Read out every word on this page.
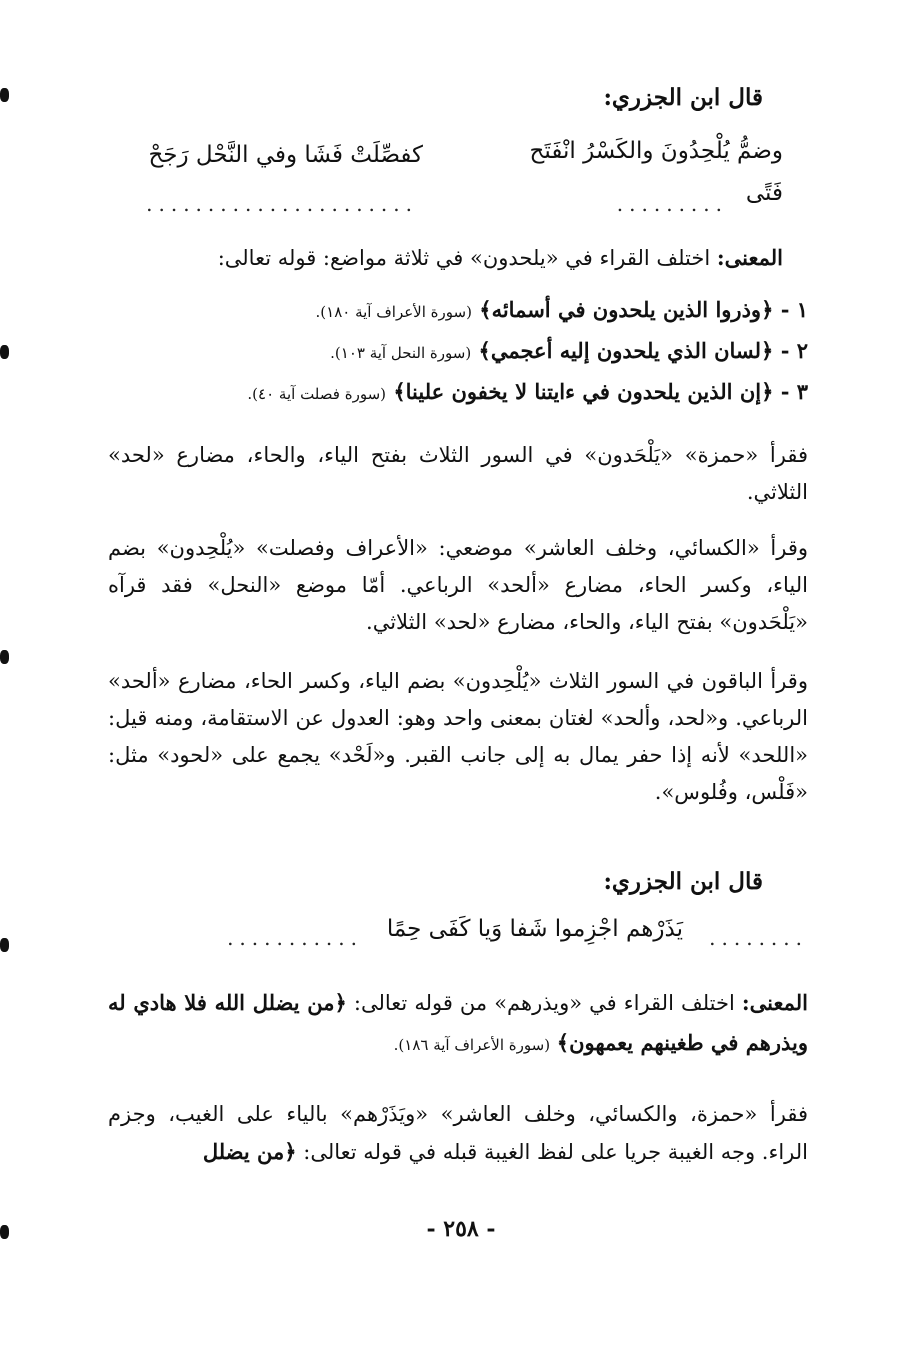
قال ابن الجزري:
وضمُّ يُلْحِدُونَ والكَسْرُ انْفَتَح
كفصِّلَتْ فَشَا وفي النَّحْل رَجَحْ
فَتًى
......................	.........
المعنى: اختلف القراء في «يلحدون» في ثلاثة مواضع: قوله تعالى:
١ - ﴿وذروا الذين يلحدون في أسمائه﴾ (سورة الأعراف آية ١٨٠).
٢ - ﴿لسان الذي يلحدون إليه أعجمي﴾ (سورة النحل آية ١٠٣).
٣ - ﴿إن الذين يلحدون في ءايتنا لا يخفون علينا﴾ (سورة فصلت آية ٤٠).
فقرأ «حمزة» «يَلْحَدون» في السور الثلاث بفتح الياء، والحاء، مضارع «لحد» الثلاثي.
وقرأ «الكسائي، وخلف العاشر» موضعي: «الأعراف وفصلت» «يُلْحِدون» بضم الياء، وكسر الحاء، مضارع «ألحد» الرباعي. أمّا موضع «النحل» فقد قرآه «يَلْحَدون» بفتح الياء، والحاء، مضارع «لحد» الثلاثي.
وقرأ الباقون في السور الثلاث «يُلْحِدون» بضم الياء، وكسر الحاء، مضارع «ألحد» الرباعي. و«لحد، وألحد» لغتان بمعنى واحد وهو: العدول عن الاستقامة، ومنه قيل: «اللحد» لأنه إذا حفر يمال به إلى جانب القبر. و«لَحْد» يجمع على «لحود» مثل: «فَلْس، وفُلوس».
قال ابن الجزري:
...........	يَذَرْهم اجْزِموا شَفا وَيا كَفَى حِمًا	........
المعنى: اختلف القراء في «ويذرهم» من قوله تعالى: ﴿من يضلل الله فلا هادي له ويذرهم في طغينهم يعمهون﴾ (سورة الأعراف آية ١٨٦).
فقرأ «حمزة، والكسائي، وخلف العاشر» «ويَذَرْهم» بالياء على الغيب، وجزم الراء. وجه الغيبة جريا على لفظ الغيبة قبله في قوله تعالى: ﴿من يضلل
- ٢٥٨ -
